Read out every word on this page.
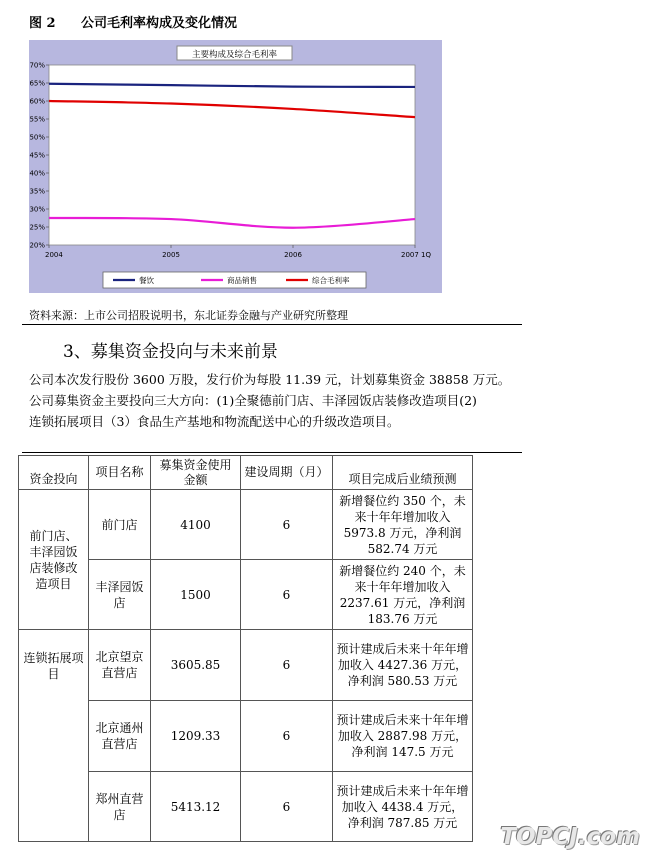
图 2 公司毛利率构成及变化情况
主要构成及综合毛利率
20%
25%
30%
35%
40%
45%
50%
55%
60%
65%
70%
2004	2005	2006	2007 1Q
餐饮	商品销售	综合毛利率
资料来源：上市公司招股说明书，东北证券金融与产业研究所整理
3、募集资金投向与未来前景
公司本次发行股份 3600 万股，发行价为每股 11.39 元，计划募集资金 38858 万元。
公司募集资金主要投向三大方向：(1)全聚德前门店、丰泽园饭店装修改造项目(2)
连锁拓展项目（3）食品生产基地和物流配送中心的升级改造项目。
资金投向	项目名称	募集资金使用金额	建设周期（月）	项目完成后业绩预测
前门店、丰泽园饭店装修改造项目	前门店	4100	6	新增餐位约 350 个，未来十年年增加收入 5973.8 万元，净利润 582.74 万元
	丰泽园饭店	1500	6	新增餐位约 240 个，未来十年年增加收入 2237.61 万元，净利润 183.76 万元
连锁拓展项目	北京望京直营店	3605.85	6	预计建成后未来十年年增加收入 4427.36 万元，净利润 580.53 万元
	北京通州直营店	1209.33	6	预计建成后未来十年年增加收入 2887.98 万元，净利润 147.5 万元
	郑州直营店	5413.12	6	预计建成后未来十年年增加收入 4438.4 万元，净利润 787.85 万元
TOPCJ.com
